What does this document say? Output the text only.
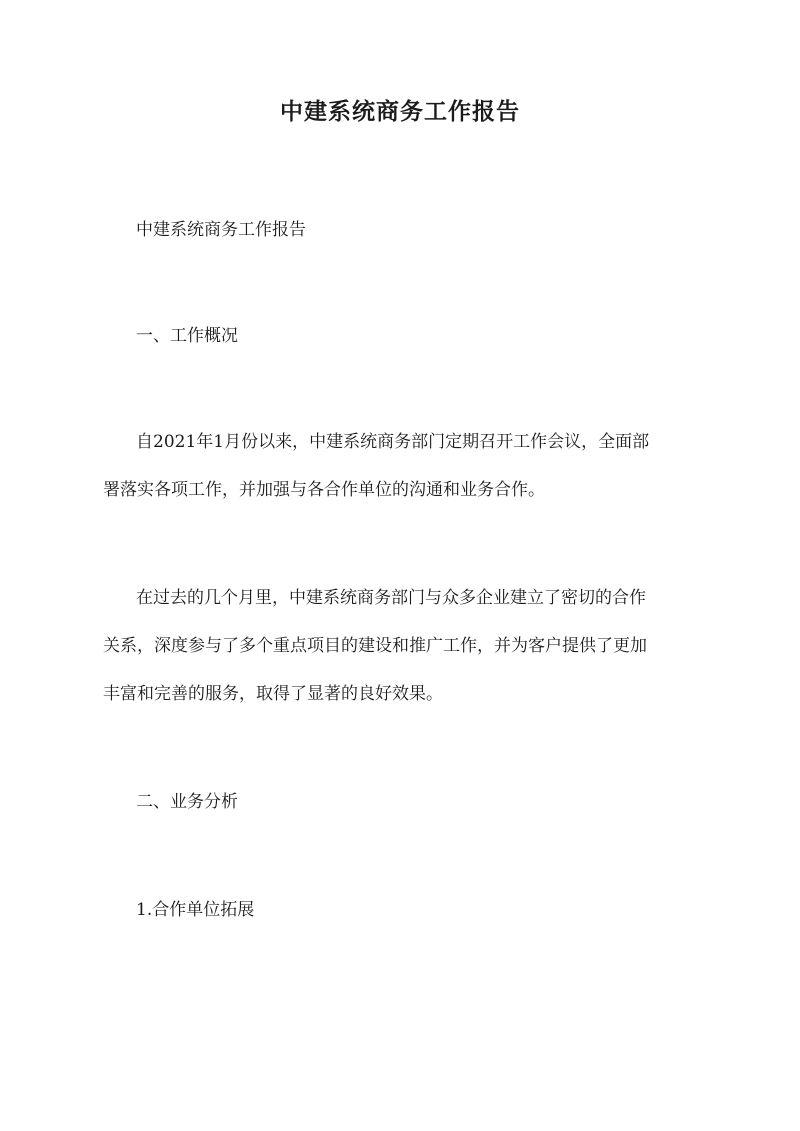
中建系统商务工作报告

中建系统商务工作报告

一、工作概况

自2021年1月份以来，中建系统商务部门定期召开工作会议，全面部
署落实各项工作，并加强与各合作单位的沟通和业务合作。
在过去的几个月里，中建系统商务部门与众多企业建立了密切的合作
关系，深度参与了多个重点项目的建设和推广工作，并为客户提供了更加
丰富和完善的服务，取得了显著的良好效果。

二、业务分析

1.合作单位拓展
